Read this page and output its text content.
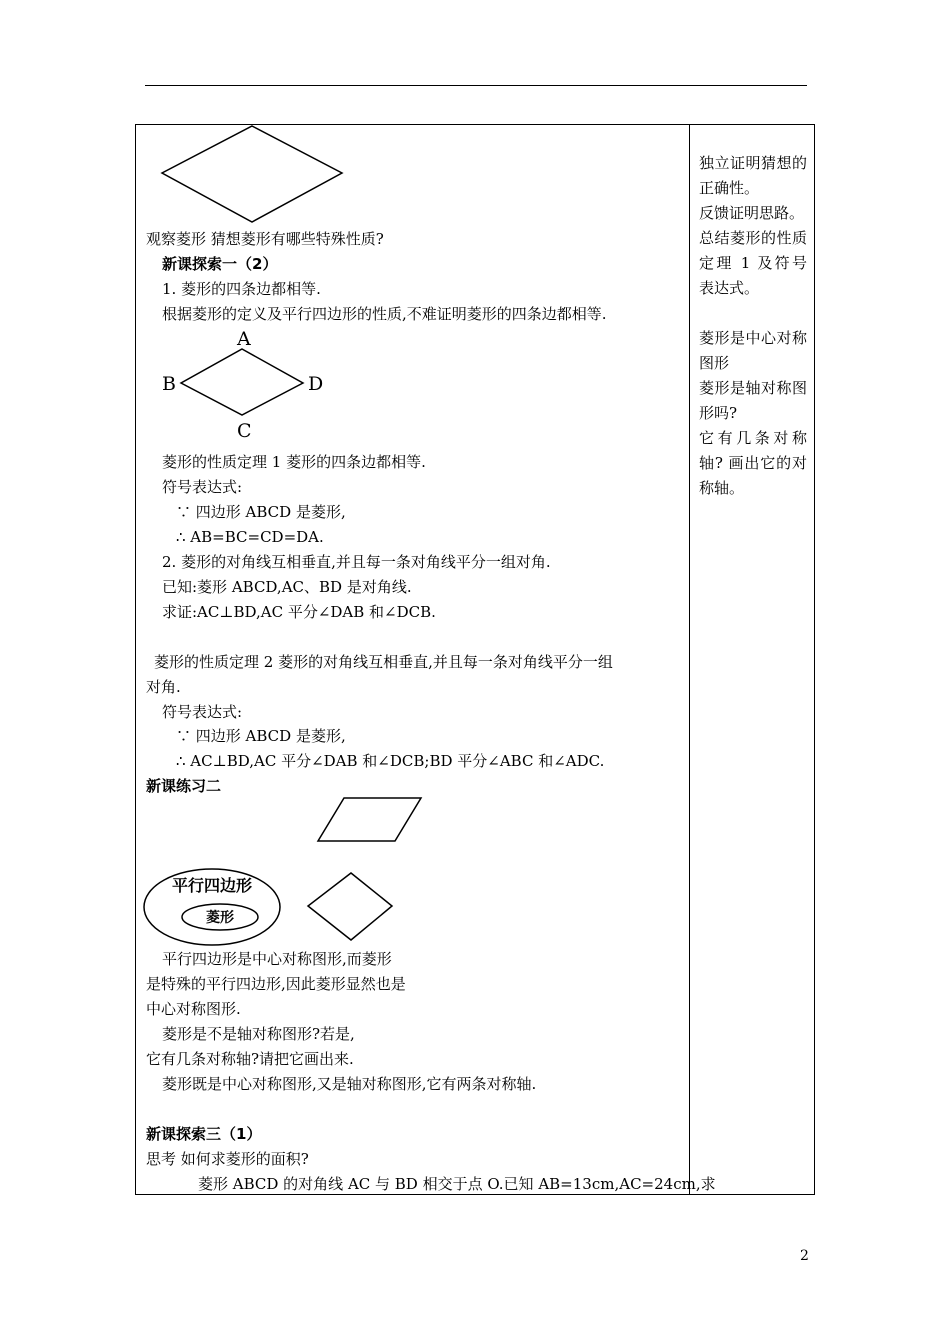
观察菱形 猜想菱形有哪些特殊性质?
新课探索一（2）
1. 菱形的四条边都相等.
根据菱形的定义及平行四边形的性质,不难证明菱形的四条边都相等.
A
B	D
C
菱形的性质定理 1 菱形的四条边都相等.
符号表达式:
∵ 四边形 ABCD 是菱形,
∴ AB=BC=CD=DA.
2. 菱形的对角线互相垂直,并且每一条对角线平分一组对角.
已知:菱形 ABCD,AC、BD 是对角线.
求证:AC⊥BD,AC 平分∠DAB 和∠DCB.
菱形的性质定理 2 菱形的对角线互相垂直,并且每一条对角线平分一组
对角.
符号表达式:
∵ 四边形 ABCD 是菱形,
∴ AC⊥BD,AC 平分∠DAB 和∠DCB;BD 平分∠ABC 和∠ADC.
新课练习二
平行四边形
菱形
平行四边形是中心对称图形,而菱形
是特殊的平行四边形,因此菱形显然也是
中心对称图形.
菱形是不是轴对称图形?若是,
它有几条对称轴?请把它画出来.
菱形既是中心对称图形,又是轴对称图形,它有两条对称轴.
新课探索三（1）
思考 如何求菱形的面积?
菱形 ABCD 的对角线 AC 与 BD 相交于点 O.已知 AB=13cm,AC=24cm,求

独立证明猜想的正确性。

反馈证明思路。

总结菱形的性质定理 1 及符号表达式。

菱形是中心对称图形

菱形是轴对称图形吗?

它有几条对称轴? 画出它的对称轴。

2
